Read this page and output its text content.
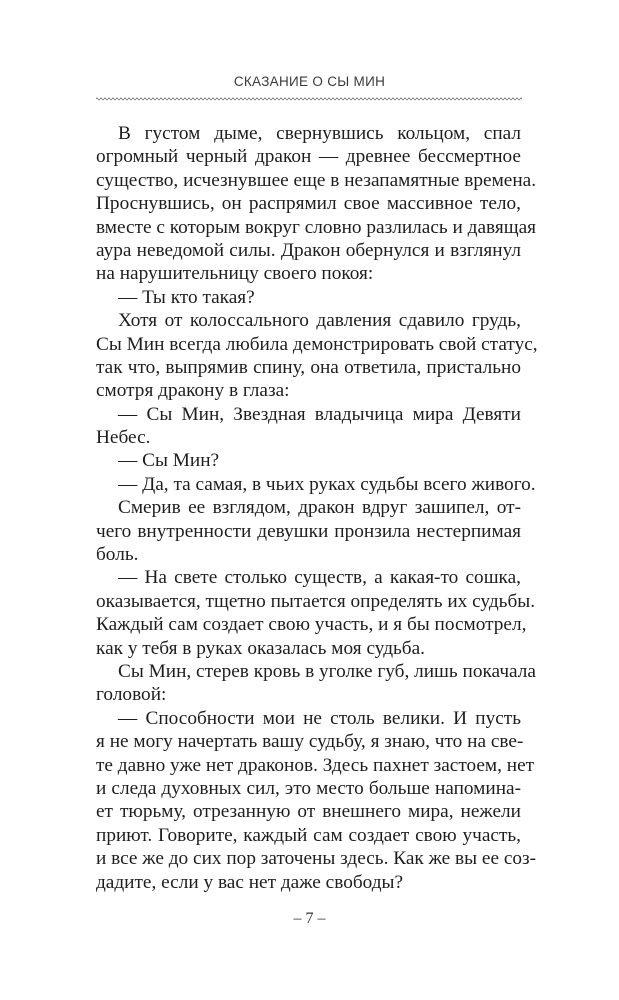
СКАЗАНИЕ О СЫ МИН
В густом дыме, свернувшись кольцом, спал
огромный черный дракон — древнее бессмертное
существо, исчезнувшее еще в незапамятные времена.
Проснувшись, он распрямил свое массивное тело,
вместе с которым вокруг словно разлилась и давящая
аура неведомой силы. Дракон обернулся и взглянул
на нарушительницу своего покоя:
— Ты кто такая?
Хотя от колоссального давления сдавило грудь,
Сы Мин всегда любила демонстрировать свой статус,
так что, выпрямив спину, она ответила, пристально
смотря дракону в глаза:
— Сы Мин, Звездная владычица мира Девяти
Небес.
— Сы Мин?
— Да, та самая, в чьих руках судьбы всего живого.
Смерив ее взглядом, дракон вдруг зашипел, от-
чего внутренности девушки пронзила нестерпимая
боль.
— На свете столько существ, а какая-то сошка,
оказывается, тщетно пытается определять их судьбы.
Каждый сам создает свою участь, и я бы посмотрел,
как у тебя в руках оказалась моя судьба.
Сы Мин, стерев кровь в уголке губ, лишь покачала
головой:
— Способности мои не столь велики. И пусть
я не могу начертать вашу судьбу, я знаю, что на све-
те давно уже нет драконов. Здесь пахнет застоем, нет
и следа духовных сил, это место больше напомина-
ет тюрьму, отрезанную от внешнего мира, нежели
приют. Говорите, каждый сам создает свою участь,
и все же до сих пор заточены здесь. Как же вы ее соз-
дадите, если у вас нет даже свободы?
– 7 –
